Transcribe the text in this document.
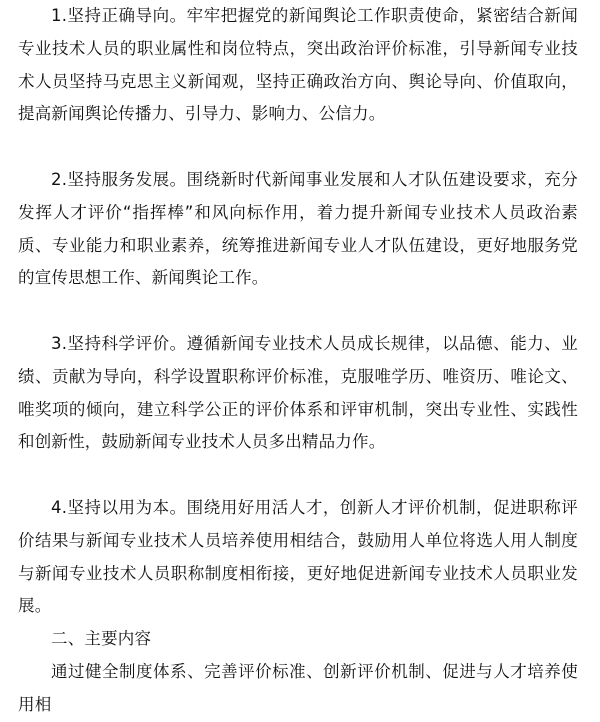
1.坚持正确导向。牢牢把握党的新闻舆论工作职责使命，紧密结合新闻专业技术人员的职业属性和岗位特点，突出政治评价标准，引导新闻专业技术人员坚持马克思主义新闻观，坚持正确政治方向、舆论导向、价值取向，提高新闻舆论传播力、引导力、影响力、公信力。

2.坚持服务发展。围绕新时代新闻事业发展和人才队伍建设要求，充分发挥人才评价“指挥棒”和风向标作用，着力提升新闻专业技术人员政治素质、专业能力和职业素养，统筹推进新闻专业人才队伍建设，更好地服务党的宣传思想工作、新闻舆论工作。

3.坚持科学评价。遵循新闻专业技术人员成长规律，以品德、能力、业绩、贡献为导向，科学设置职称评价标准，克服唯学历、唯资历、唯论文、唯奖项的倾向，建立科学公正的评价体系和评审机制，突出专业性、实践性和创新性，鼓励新闻专业技术人员多出精品力作。

4.坚持以用为本。围绕用好用活人才，创新人才评价机制，促进职称评价结果与新闻专业技术人员培养使用相结合，鼓励用人单位将选人用人制度与新闻专业技术人员职称制度相衔接，更好地促进新闻专业技术人员职业发展。

二、主要内容

通过健全制度体系、完善评价标准、创新评价机制、促进与人才培养使用相
